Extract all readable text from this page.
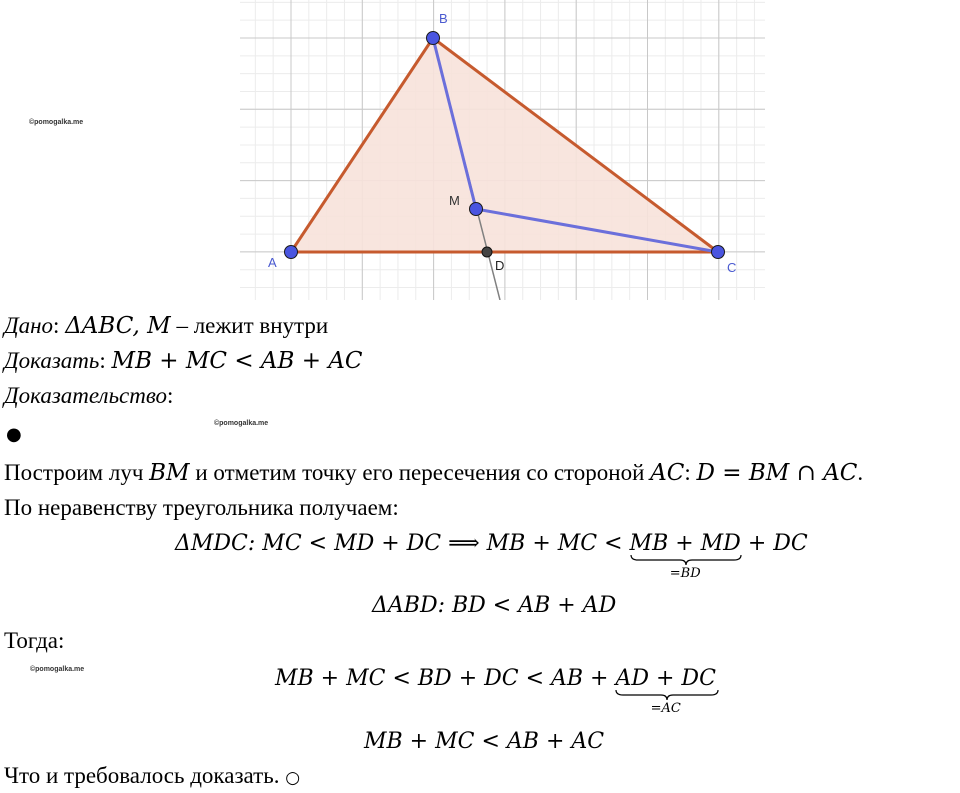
A
B
C
M
D
©pomogalka.me
©pomogalka.me
©pomogalka.me
Дано: ΔABC, M – лежит внутри
Доказать: MB + MC < AB + AC
Доказательство:
●
Построим луч BM и отметим точку его пересечения со стороной AC: D = BM ∩ AC.
По неравенству треугольника получаем:
ΔMDC: MC < MD + DC ⟹ MB + MC < MB + MD
=BD
+ DC
ΔABD: BD < AB + AD
Тогда:
MB + MC < BD + DC < AB + AD + DC
=AC
MB + MC < AB + AC
Что и требовалось доказать. ○
